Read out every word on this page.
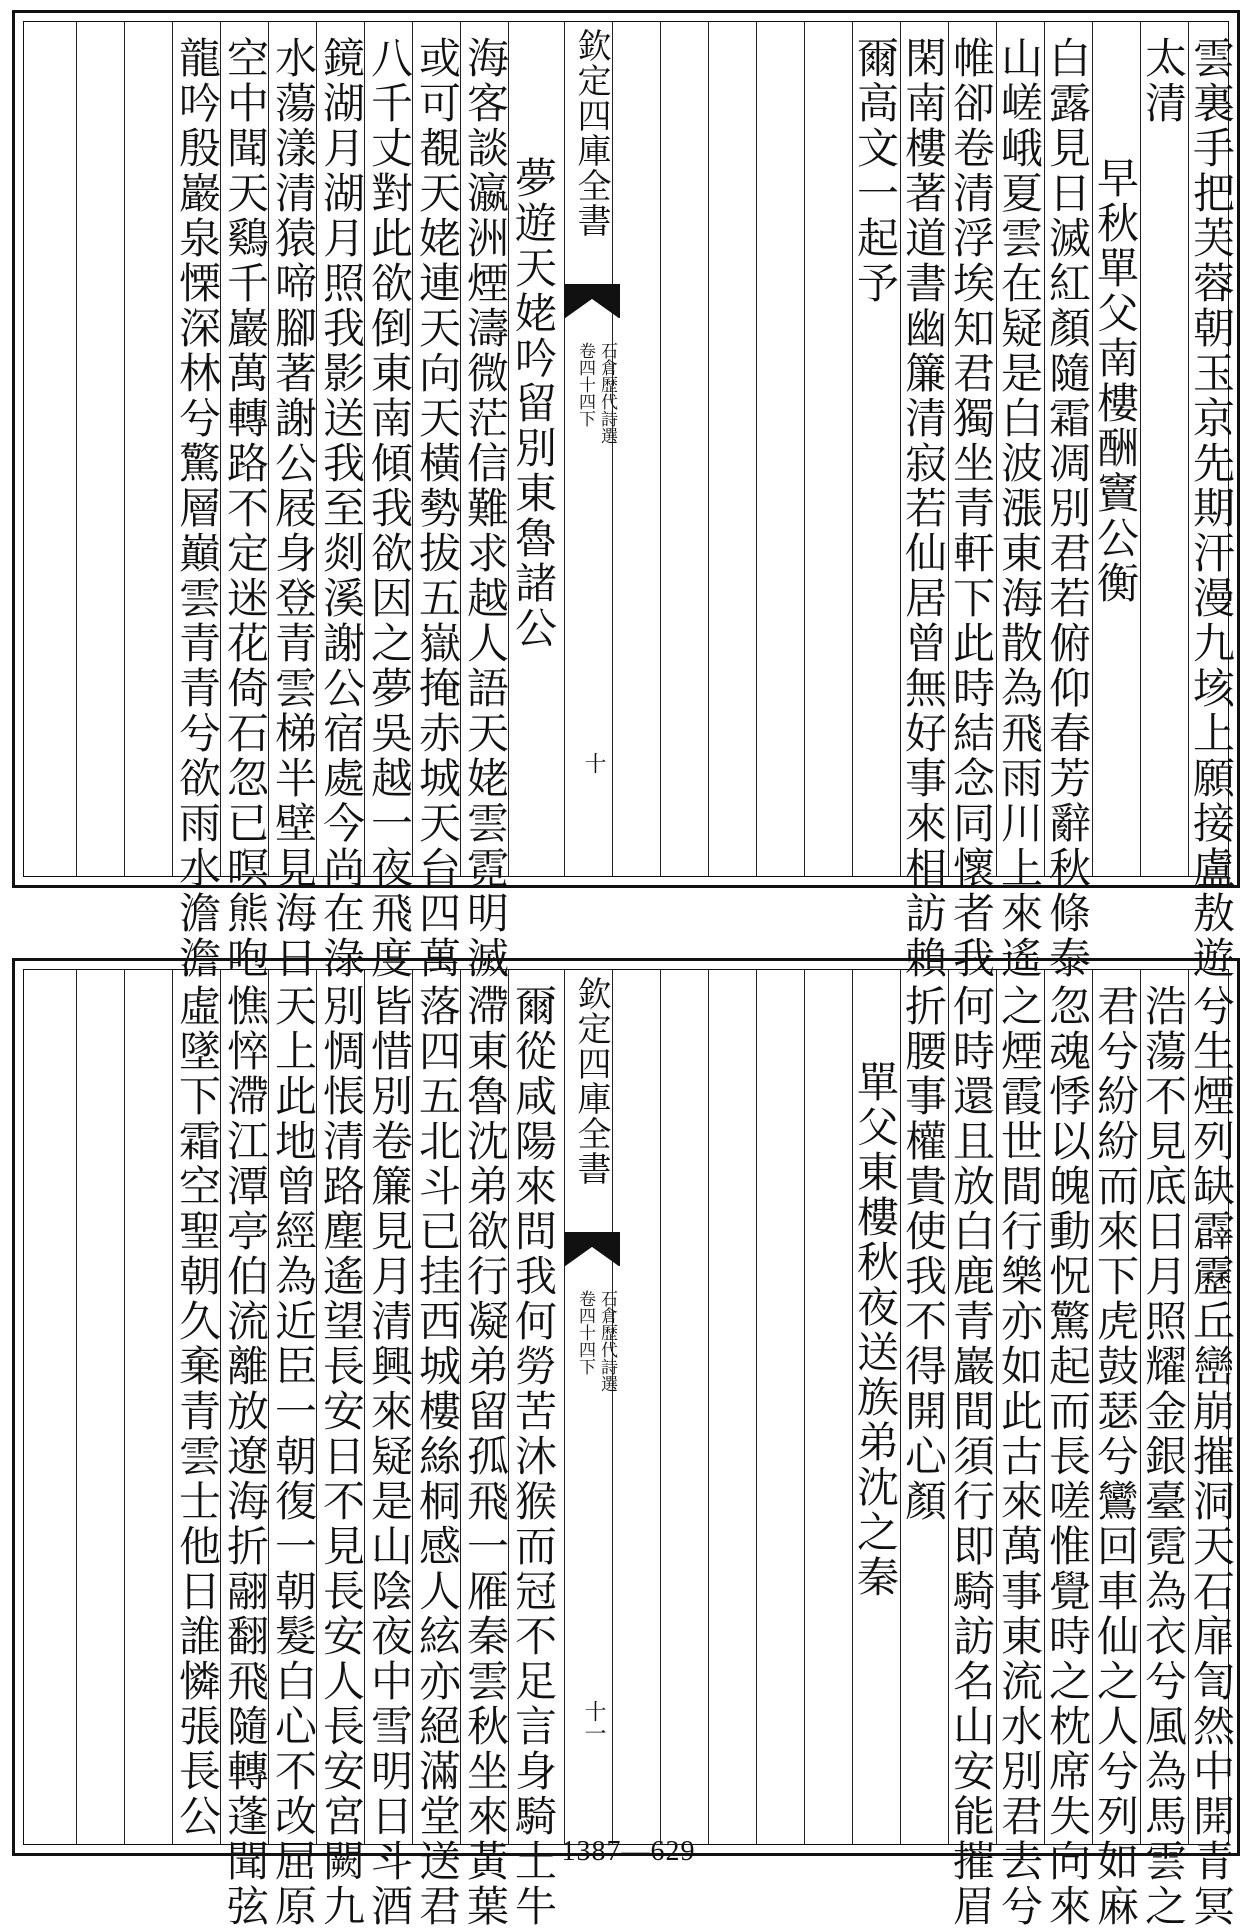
雲裏手把芙蓉朝玉京先期汗漫九垓上願接盧敖遊
太清
早秋單父南樓酬竇公衡
白露見日滅紅顏隨霜凋別君若俯仰春芳辭秋條泰
山嵯峨夏雲在疑是白波漲東海散為飛雨川上來遙
帷卻卷清浮埃知君獨坐青軒下此時結念同懷者我
閑南樓著道書幽簾清寂若仙居曾無好事來相訪賴
爾高文一起予
欽定四庫全書
石倉歷代詩選
卷四十四下
十
夢遊天姥吟留別東魯諸公
海客談瀛洲煙濤微茫信難求越人語天姥雲霓明滅
或可覩天姥連天向天橫勢拔五嶽掩赤城天台四萬
八千丈對此欲倒東南傾我欲因之夢吳越一夜飛度
鏡湖月湖月照我影送我至剡溪謝公宿處今尚在淥
水蕩漾清猿啼腳著謝公屐身登青雲梯半壁見海日
空中聞天鷄千巖萬轉路不定迷花倚石忽已暝熊咆
龍吟殷巖泉慄深林兮驚層巔雲青青兮欲雨水澹澹
兮生煙列缺霹靂丘巒崩摧洞天石扉訇然中開青冥
浩蕩不見底日月照耀金銀臺霓為衣兮風為馬雲之
君兮紛紛而來下虎鼓瑟兮鸞回車仙之人兮列如麻
忽魂悸以魄動怳驚起而長嗟惟覺時之枕席失向來
之煙霞世間行樂亦如此古來萬事東流水別君去兮
何時還且放白鹿青巖間須行即騎訪名山安能摧眉
折腰事權貴使我不得開心顏
單父東樓秋夜送族弟沈之秦
欽定四庫全書
石倉歷代詩選
卷四十四下
十一
爾從咸陽來問我何勞苦沐猴而冠不足言身騎土牛
滯東魯沈弟欲行凝弟留孤飛一雁秦雲秋坐來黃葉
落四五北斗已挂西城樓絲桐感人絃亦絕滿堂送君
皆惜別卷簾見月清興來疑是山陰夜中雪明日斗酒
別惆悵清路塵遙望長安日不見長安人長安宮闕九
天上此地曾經為近臣一朝復一朝髮白心不改屈原
憔悴滯江潭亭伯流離放遼海折翮翻飛隨轉蓬聞弦
虛墜下霜空聖朝久棄青雲士他日誰憐張長公
1387—629
